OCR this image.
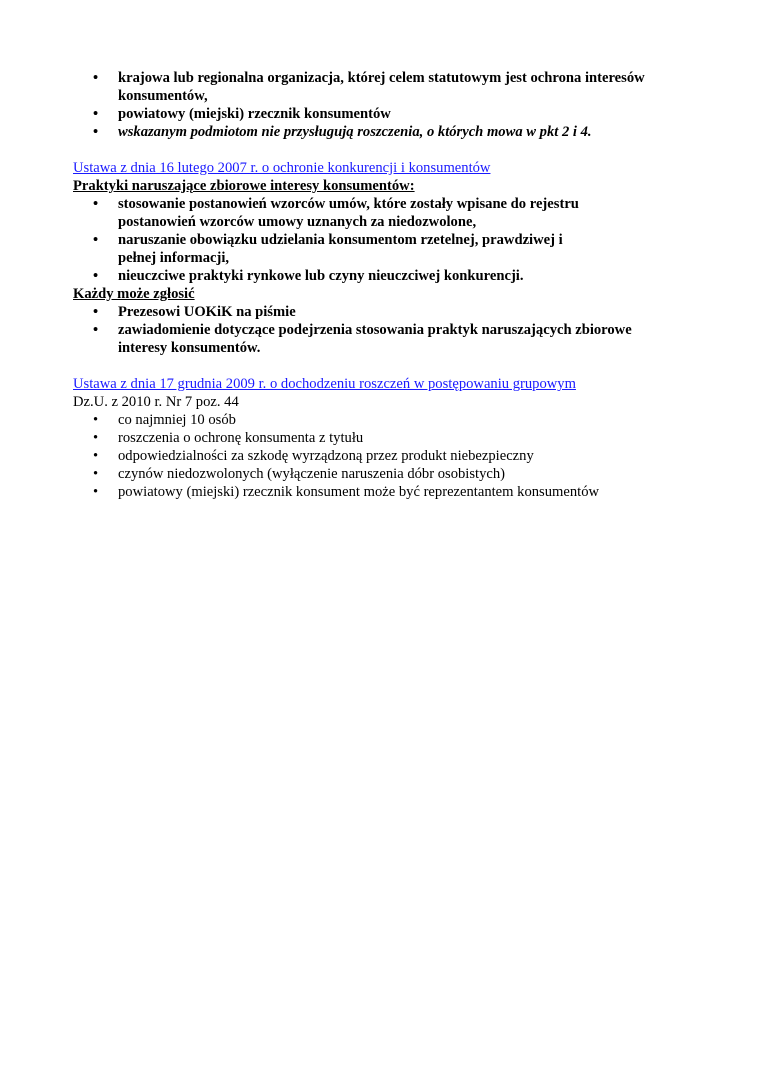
• krajowa lub regionalna organizacja, której celem statutowym jest ochrona interesów konsumentów,
• powiatowy (miejski) rzecznik konsumentów
• wskazanym podmiotom nie przysługują roszczenia, o których mowa w pkt 2 i 4.
Ustawa z dnia 16 lutego 2007 r. o ochronie konkurencji i konsumentów
Praktyki naruszające zbiorowe interesy konsumentów:
• stosowanie postanowień wzorców umów, które zostały wpisane do rejestru postanowień wzorców umowy uznanych za niedozwolone,
• naruszanie obowiązku udzielania konsumentom rzetelnej, prawdziwej i pełnej informacji,
• nieuczciwe praktyki rynkowe lub czyny nieuczciwej konkurencji.
Każdy może zgłosić
• Prezesowi UOKiK na piśmie
• zawiadomienie dotyczące podejrzenia stosowania praktyk naruszających zbiorowe interesy konsumentów.
Ustawa z dnia 17 grudnia 2009 r. o dochodzeniu roszczeń w postępowaniu grupowym
Dz.U. z 2010 r. Nr 7 poz. 44
• co najmniej 10 osób
• roszczenia o ochronę konsumenta z tytułu
• odpowiedzialności za szkodę wyrządzoną przez produkt niebezpieczny
• czynów niedozwolonych (wyłączenie naruszenia dóbr osobistych)
• powiatowy (miejski) rzecznik konsument może być reprezentantem konsumentów
